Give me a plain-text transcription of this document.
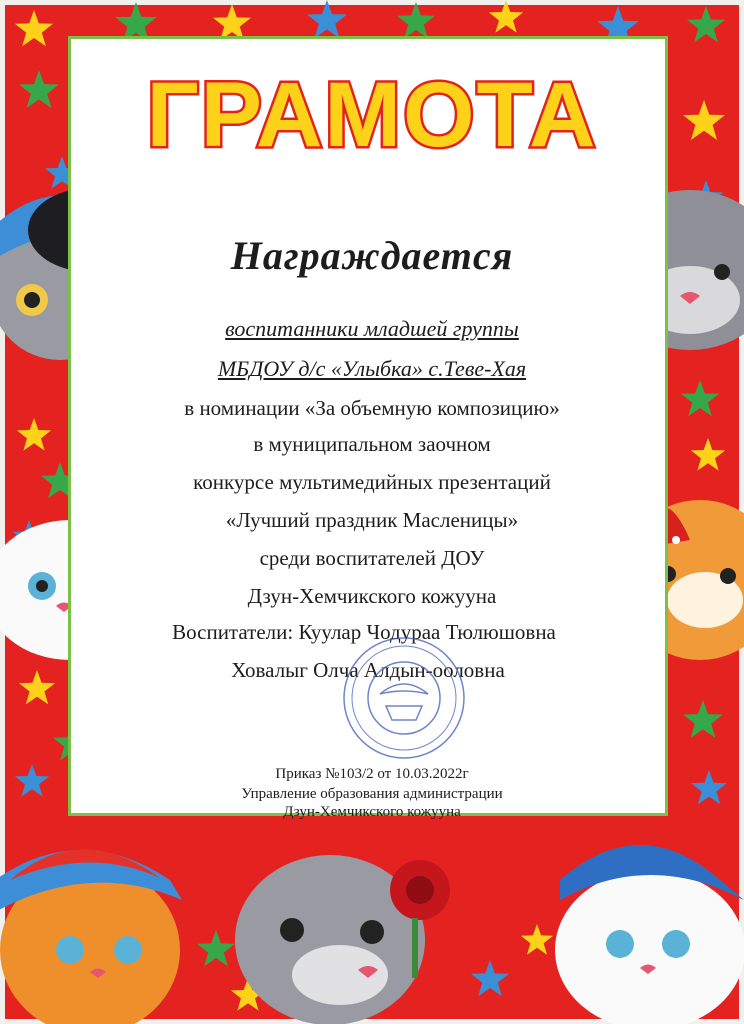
ГРАМОТА
Награждается
воспитанники младшей группы
МБДОУ д/с «Улыбка» с.Теве-Хая
в номинации «За объемную композицию»
в муниципальном заочном
конкурсе мультимедийных презентаций
«Лучший праздник Масленицы»
среди воспитателей ДОУ
Дзун-Хемчикского кожууна
Воспитатели: Куулар Чодураа Тюлюшовна
Ховалыг Олча Алдын-ооловна
Приказ №103/2 от 10.03.2022г
Управление образования администрации
Дзун-Хемчикского кожууна
